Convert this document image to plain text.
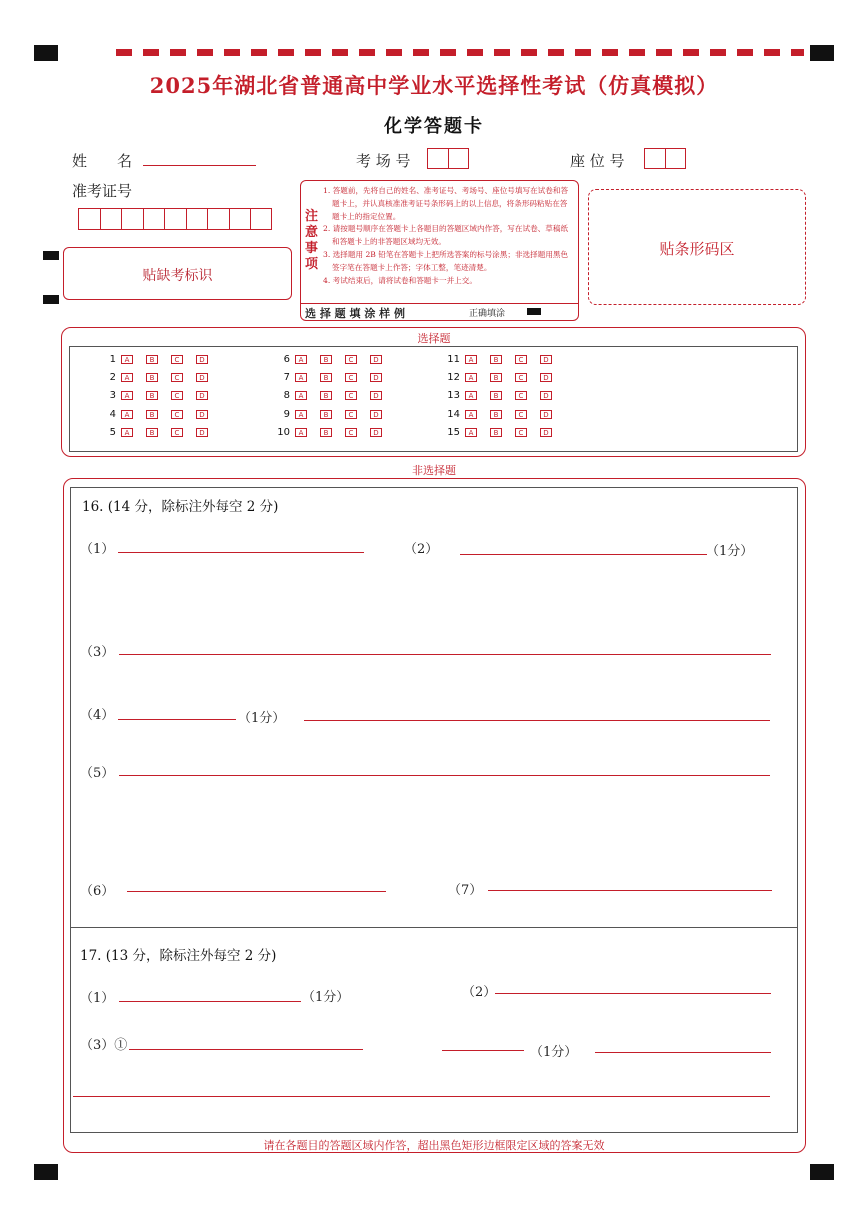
2025年湖北省普通高中学业水平选择性考试（仿真模拟）
化学答题卡
姓　　名	考 场 号	座 位 号
准考证号
贴缺考标识
注意事项
1. 答题前，先将自己的姓名、准考证号、考场号、座位号填写在试卷和答题卡上，并认真核准准考证号条形码上的以上信息，将条形码粘贴在答题卡上的指定位置。
2. 请按题号顺序在答题卡上各题目的答题区域内作答，写在试卷、草稿纸和答题卡上的非答题区域均无效。
3. 选择题用 2B 铅笔在答题卡上把所选答案的标号涂黑；非选择题用黑色签字笔在答题卡上作答；字体工整，笔迹清楚。
4. 考试结束后，请将试卷和答题卡一并上交。
选 择 题 填 涂 样 例	正确填涂
贴条形码区
选择题
1	A	B	C	D
2	A	B	C	D
3	A	B	C	D
4	A	B	C	D
5	A	B	C	D
6	A	B	C	D
7	A	B	C	D
8	A	B	C	D
9	A	B	C	D
10	A	B	C	D
11	A	B	C	D
12	A	B	C	D
13	A	B	C	D
14	A	B	C	D
15	A	B	C	D
非选择题
16. (14 分，除标注外每空 2 分)
（1）	（2）	（1分）
（3）
（4）	（1分）
（5）
（6）	（7）
17. (13 分，除标注外每空 2 分)
（1）	（1分）	（2）
（3）①	（1分）
请在各题目的答题区域内作答，超出黑色矩形边框限定区域的答案无效
